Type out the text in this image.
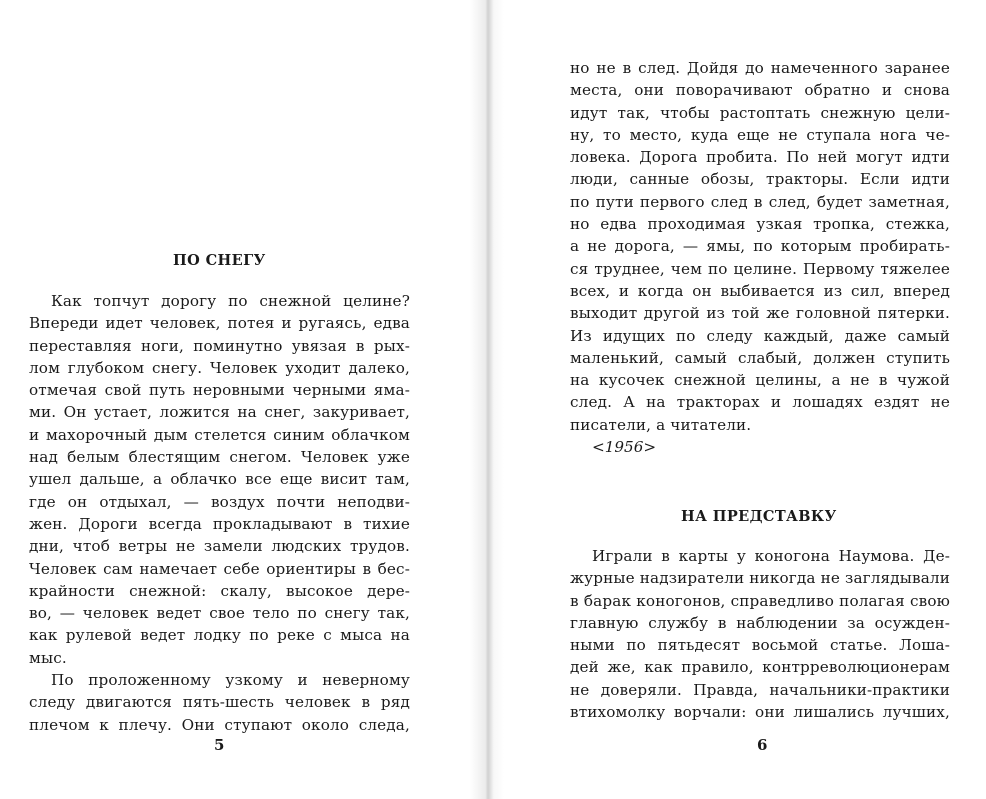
ПО СНЕГУ
Как топчут дорогу по снежной целине?
Впереди идет человек, потея и ругаясь, едва
переставляя ноги, поминутно увязая в рых-
лом глубоком снегу. Человек уходит далеко,
отмечая свой путь неровными черными яма-
ми. Он устает, ложится на снег, закуривает,
и махорочный дым стелется синим облачком
над белым блестящим снегом. Человек уже
ушел дальше, а облачко все еще висит там,
где он отдыхал, — воздух почти неподви-
жен. Дороги всегда прокладывают в тихие
дни, чтоб ветры не замели людских трудов.
Человек сам намечает себе ориентиры в бес-
крайности снежной: скалу, высокое дере-
во, — человек ведет свое тело по снегу так,
как рулевой ведет лодку по реке с мыса на
мыс.
По проложенному узкому и неверному
следу двигаются пять-шесть человек в ряд
плечом к плечу. Они ступают около следа,
5
но не в след. Дойдя до намеченного заранее
места, они поворачивают обратно и снова
идут так, чтобы растоптать снежную цели-
ну, то место, куда еще не ступала нога че-
ловека. Дорога пробита. По ней могут идти
люди, санные обозы, тракторы. Если идти
по пути первого след в след, будет заметная,
но едва проходимая узкая тропка, стежка,
а не дорога, — ямы, по которым пробирать-
ся труднее, чем по целине. Первому тяжелее
всех, и когда он выбивается из сил, вперед
выходит другой из той же головной пятерки.
Из идущих по следу каждый, даже самый
маленький, самый слабый, должен ступить
на кусочек снежной целины, а не в чужой
след. А на тракторах и лошадях ездят не
писатели, а читатели.
<1956>
НА ПРЕДСТАВКУ
Играли в карты у коногона Наумова. Де-
журные надзиратели никогда не заглядывали
в барак коногонов, справедливо полагая свою
главную службу в наблюдении за осужден-
ными по пятьдесят восьмой статье. Лоша-
дей же, как правило, контрреволюционерам
не доверяли. Правда, начальники-практики
втихомолку ворчали: они лишались лучших,
6
